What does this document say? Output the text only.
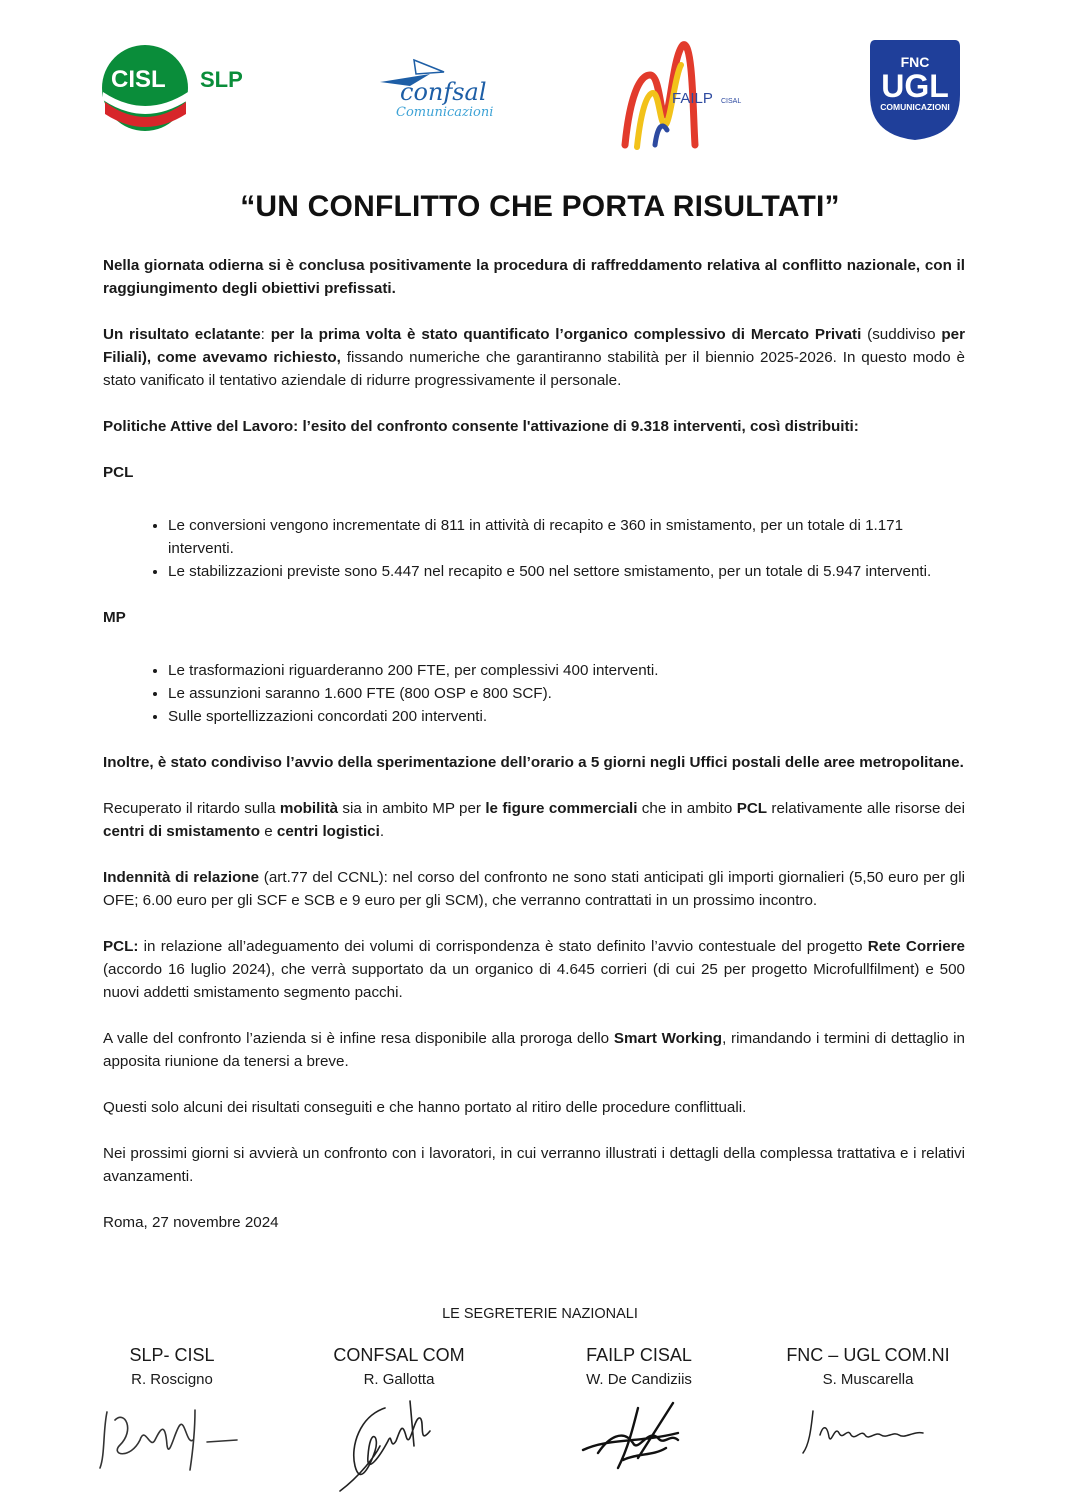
CISL SLP	confsal
Comunicazioni
FAILP CISAL
FNC
UGL
COMUNICAZIONI
“UN CONFLITTO CHE PORTA RISULTATI”

Nella giornata odierna si è conclusa positivamente la procedura di raffreddamento relativa al conflitto nazionale, con il raggiungimento degli obiettivi prefissati.

Un risultato eclatante: per la prima volta è stato quantificato l’organico complessivo di Mercato Privati (suddiviso per Filiali), come avevamo richiesto, fissando numeriche che garantiranno stabilità per il biennio 2025-2026. In questo modo è stato vanificato il tentativo aziendale di ridurre progressivamente il personale.

Politiche Attive del Lavoro: l’esito del confronto consente l'attivazione di 9.318 interventi, così distribuiti:

PCL

• Le conversioni vengono incrementate di 811 in attività di recapito e 360 in smistamento, per un totale di 1.171 interventi.
• Le stabilizzazioni previste sono 5.447 nel recapito e 500 nel settore smistamento, per un totale di 5.947 interventi.

MP

• Le trasformazioni riguarderanno 200 FTE, per complessivi 400 interventi.
• Le assunzioni saranno 1.600 FTE (800 OSP e 800 SCF).
• Sulle sportellizzazioni concordati 200 interventi.

Inoltre, è stato condiviso l’avvio della sperimentazione dell’orario a 5 giorni negli Uffici postali delle aree metropolitane.

Recuperato il ritardo sulla mobilità sia in ambito MP per le figure commerciali che in ambito PCL relativamente alle risorse dei centri di smistamento e centri logistici.

Indennità di relazione (art.77 del CCNL): nel corso del confronto ne sono stati anticipati gli importi giornalieri (5,50 euro per gli OFE; 6.00 euro per gli SCF e SCB e 9 euro per gli SCM), che verranno contrattati in un prossimo incontro.

PCL: in relazione all’adeguamento dei volumi di corrispondenza è stato definito l’avvio contestuale del progetto Rete Corriere (accordo 16 luglio 2024), che verrà supportato da un organico di 4.645 corrieri (di cui 25 per progetto Microfullfilment) e 500 nuovi addetti smistamento segmento pacchi.

A valle del confronto l’azienda si è infine resa disponibile alla proroga dello Smart Working, rimandando i termini di dettaglio in apposita riunione da tenersi a breve.

Questi solo alcuni dei risultati conseguiti e che hanno portato al ritiro delle procedure conflittuali.

Nei prossimi giorni si avvierà un confronto con i lavoratori, in cui verranno illustrati i dettagli della complessa trattativa e i relativi avanzamenti.

Roma, 27 novembre 2024

LE SEGRETERIE NAZIONALI
SLP- CISL
R. Roscigno
CONFSAL COM
R. Gallotta
FAILP CISAL
W. De Candiziis
FNC – UGL COM.NI
S. Muscarella
